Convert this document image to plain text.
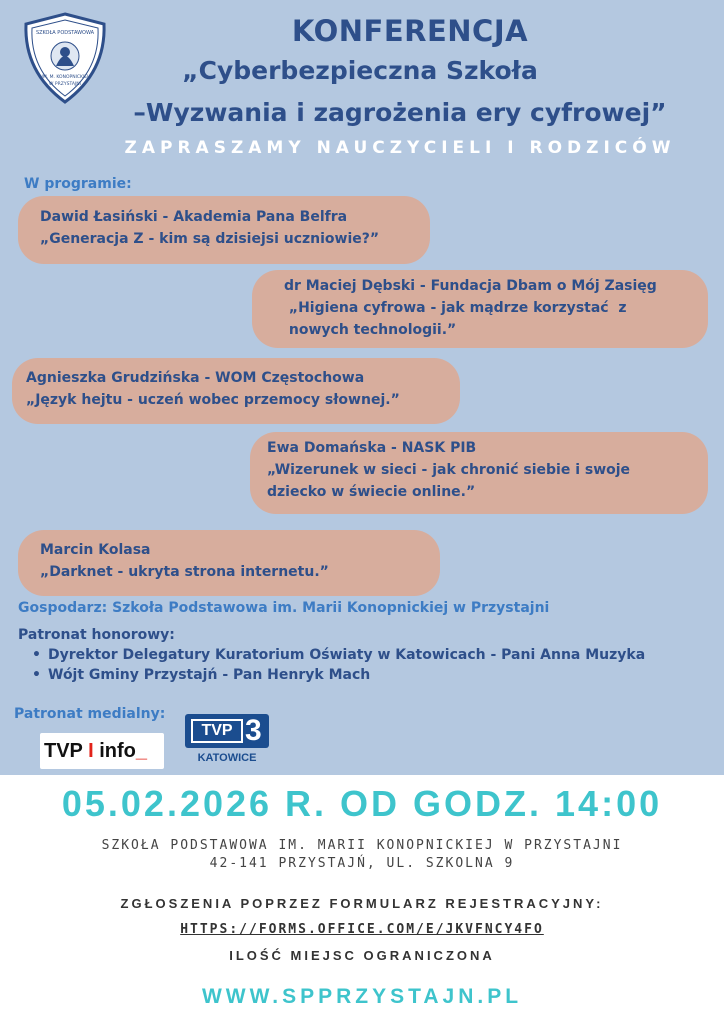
SZKOŁA PODSTAWOWA
IM. M. KONOPNICKIEJ
W PRZYSTAJNI
KONFERENCJA
„Cyberbezpieczna Szkoła
–Wyzwania i zagrożenia ery cyfrowej”
ZAPRASZAMY NAUCZYCIELI I RODZICÓW
W programie:
Dawid Łasiński - Akademia Pana Belfra
„Generacja Z - kim są dzisiejsi uczniowie?”
dr Maciej Dębski - Fundacja Dbam o Mój Zasięg
„Higiena cyfrowa - jak mądrze korzystać  z
nowych technologii.”
Agnieszka Grudzińska - WOM Częstochowa
„Język hejtu - uczeń wobec przemocy słownej.”
Ewa Domańska - NASK PIB
„Wizerunek w sieci - jak chronić siebie i swoje
dziecko w świecie online.”
Marcin Kolasa
„Darknet - ukryta strona internetu.”
Gospodarz: Szkoła Podstawowa im. Marii Konopnickiej w Przystajni
Patronat honorowy:
• Dyrektor Delegatury Kuratorium Oświaty w Katowicach - Pani Anna Muzyka
• Wójt Gminy Przystajń - Pan Henryk Mach
Patronat medialny:
TVP I info_
TVP 3
KATOWICE
05.02.2026 R. OD GODZ. 14:00
SZKOŁA PODSTAWOWA IM. MARII KONOPNICKIEJ W PRZYSTAJNI
42-141 PRZYSTAJŃ, UL. SZKOLNA 9
ZGŁOSZENIA POPRZEZ FORMULARZ REJESTRACYJNY:
HTTPS://FORMS.OFFICE.COM/E/JKVFNCY4FO
ILOŚĆ MIEJSC OGRANICZONA
WWW.SPPRZYSTAJN.PL
